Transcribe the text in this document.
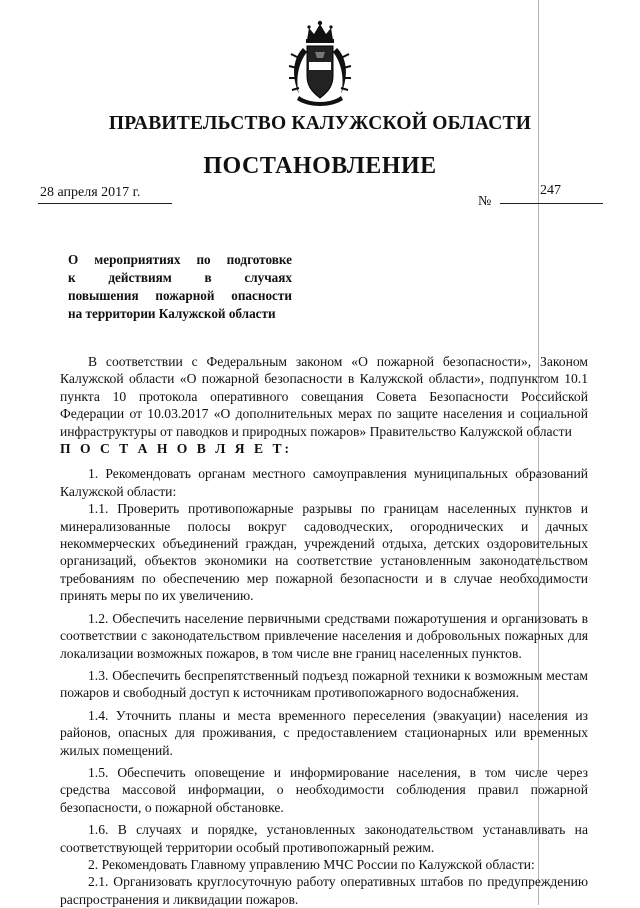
ПРАВИТЕЛЬСТВО КАЛУЖСКОЙ ОБЛАСТИ
ПОСТАНОВЛЕНИЕ
28 апреля 2017 г.
№
247
О мероприятиях по подготовке
к действиям в случаях
повышения пожарной опасности
на территории Калужской области

В соответствии с Федеральным законом «О пожарной безопасности», Законом Калужской области «О пожарной безопасности в Калужской области», подпунктом 10.1 пункта 10 протокола оперативного совещания Совета Безопасности Российской Федерации от 10.03.2017 «О дополнительных мерах по защите населения и социальной инфраструктуры от паводков и природных пожаров» Правительство Калужской области

П О С Т А Н О В Л Я Е Т:

1. Рекомендовать органам местного самоуправления муниципальных образований Калужской области:

1.1. Проверить противопожарные разрывы по границам населенных пунктов и минерализованные полосы вокруг садоводческих, огороднических и дачных некоммерческих объединений граждан, учреждений отдыха, детских оздоровительных организаций, объектов экономики на соответствие установленным законодательством требованиям по обеспечению мер пожарной безопасности и в случае необходимости принять меры по их увеличению.

1.2. Обеспечить население первичными средствами пожаротушения и организовать в соответствии с законодательством привлечение населения и добровольных пожарных для локализации возможных пожаров, в том числе вне границ населенных пунктов.

1.3. Обеспечить беспрепятственный подъезд пожарной техники к возможным местам пожаров и свободный доступ к источникам противопожарного водоснабжения.

1.4. Уточнить планы и места временного переселения (эвакуации) населения из районов, опасных для проживания, с предоставлением стационарных или временных жилых помещений.

1.5. Обеспечить оповещение и информирование населения, в том числе через средства массовой информации, о необходимости соблюдения правил пожарной безопасности, о пожарной обстановке.

1.6. В случаях и порядке, установленных законодательством устанавливать на соответствующей территории особый противопожарный режим.

2. Рекомендовать Главному управлению МЧС России по Калужской области:

2.1. Организовать круглосуточную работу оперативных штабов по предупреждению распространения и ликвидации пожаров.
